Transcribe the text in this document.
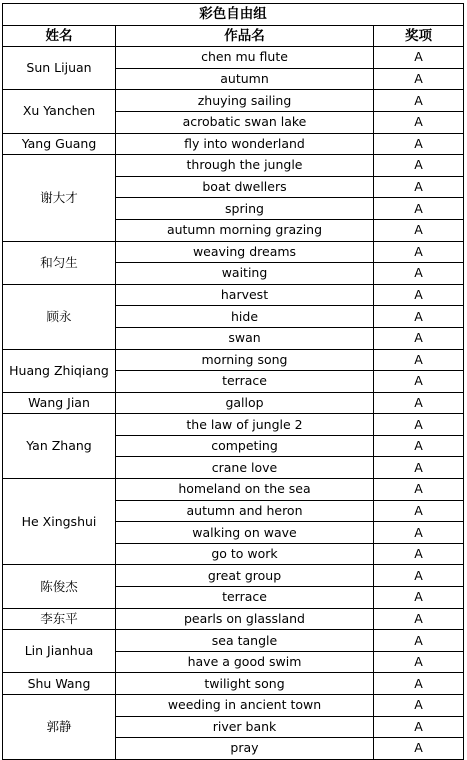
彩色自由组		
姓名	作品名	奖项
Sun Lijuan	chen mu flute	A
	autumn	A
Xu Yanchen	zhuying sailing	A
	acrobatic swan lake	A
Yang Guang	fly into wonderland	A
谢大才	through the jungle	A
	boat dwellers	A
	spring	A
	autumn morning grazing	A
和匀生	weaving dreams	A
	waiting	A
顾永	harvest	A
	hide	A
	swan	A
Huang Zhiqiang	morning song	A
	terrace	A
Wang Jian	gallop	A
Yan Zhang	the law of jungle 2	A
	competing	A
	crane love	A
He Xingshui	homeland on the sea	A
	autumn and heron	A
	walking on wave	A
	go to work	A
陈俊杰	great group	A
	terrace	A
李东平	pearls on glassland	A
Lin Jianhua	sea tangle	A
	have a good swim	A
Shu Wang	twilight song	A
郭静	weeding in ancient town	A
	river bank	A
	pray	A
